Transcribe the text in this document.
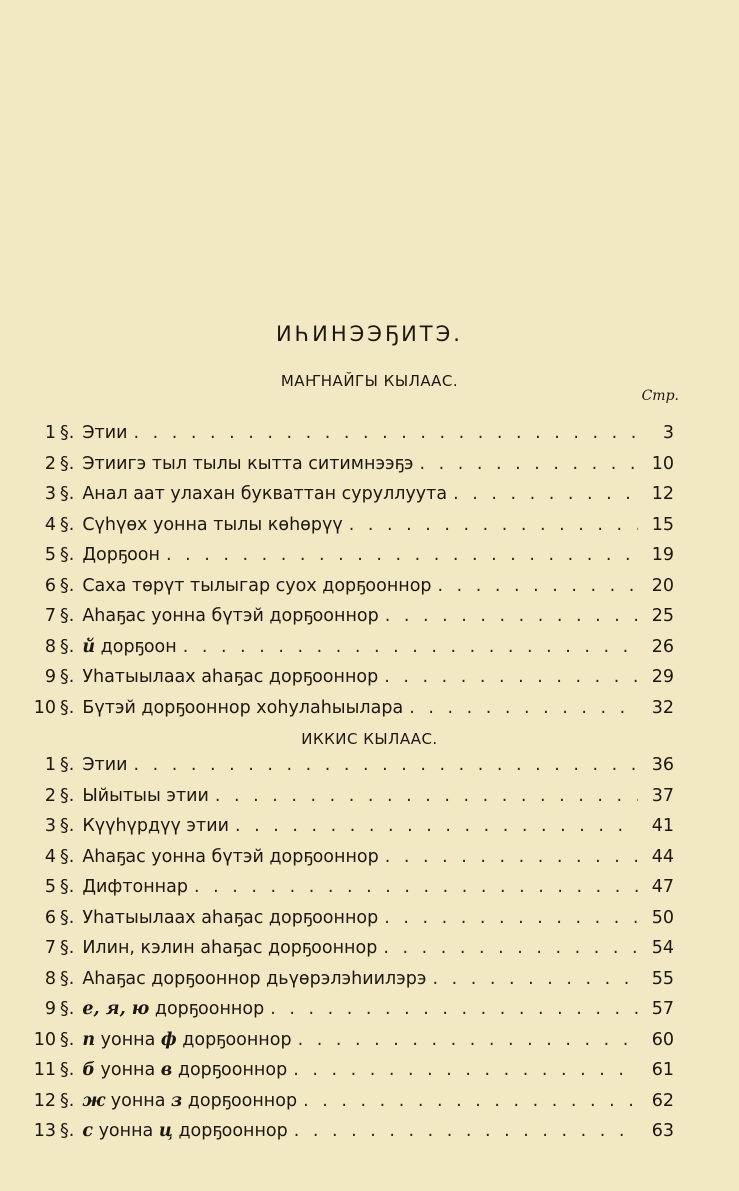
ИҺИНЭЭҔИТЭ.
МАҤНАЙГЫ КЫЛААС.
Стр.
ИККИС КЫЛААС.
1 §. Этии . . .	3
2 §. Этиигэ тыл тылы кытта ситимнээҕэ . . .	10
3 §. Анал аат улахан букваттан суруллуута . . .	12
4 §. Сүһүөх уонна тылы көһөрүү . . .	15
5 §. Дорҕоон . . .	19
6 §. Саха төрүт тылыгар суох дорҕооннор . . .	20
7 §. Аһаҕас уонна бүтэй дорҕооннор . . .	25
8 §. й дорҕоон . . .	26
9 §. Уһатыылаах аһаҕас дорҕооннор . . .	29
10 §. Бүтэй дорҕооннор хоһулаһыылара . . .	32
1 §. Этии . . .	36
2 §. Ыйытыы этии . . .	37
3 §. Күүһүрдүү этии . . .	41
4 §. Аһаҕас уонна бүтэй дорҕооннор . . .	44
5 §. Дифтоннар . . .	47
6 §. Уһатыылаах аһаҕас дорҕооннор . . .	50
7 §. Илин, кэлин аһаҕас дорҕооннор . . .	54
8 §. Аһаҕас дорҕооннор дьүөрэлэһиилэрэ . . .	55
9 §. е, я, ю дорҕооннор . . .	57
10 §. п уонна ф дорҕооннор . . .	60
11 §. б уонна в дорҕооннор . . .	61
12 §. ж уонна з дорҕооннор . . .	62
13 §. с уонна ц дорҕооннор . . .	63
